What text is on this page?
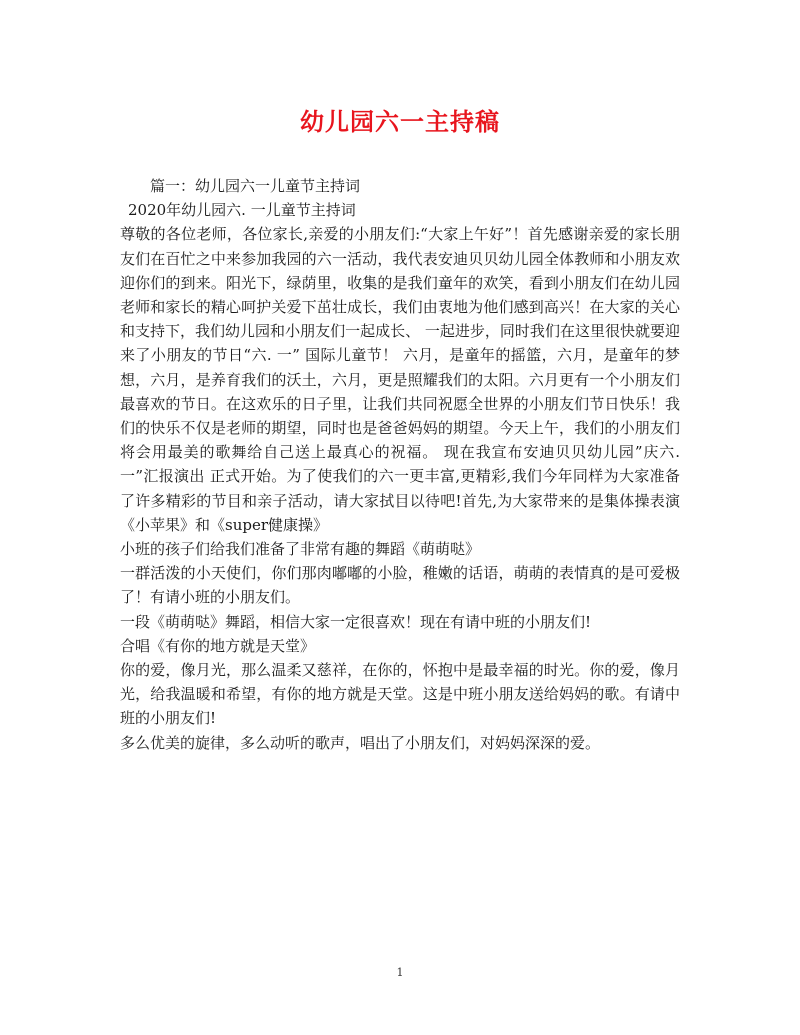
幼儿园六一主持稿

篇一：幼儿园六一儿童节主持词

2020年幼儿园六. 一儿童节主持词

尊敬的各位老师，各位家长,亲爱的小朋友们:“大家上午好”！首先感谢亲爱的家长朋友们在百忙之中来参加我园的六一活动，我代表安迪贝贝幼儿园全体教师和小朋友欢迎你们的到来。阳光下，绿荫里，收集的是我们童年的欢笑，看到小朋友们在幼儿园老师和家长的精心呵护关爱下茁壮成长，我们由衷地为他们感到高兴！在大家的关心和支持下，我们幼儿园和小朋友们一起成长、 一起进步，同时我们在这里很快就要迎来了小朋友的节日“六. 一” 国际儿童节！ 六月，是童年的摇篮，六月，是童年的梦想，六月，是养育我们的沃土，六月，更是照耀我们的太阳。六月更有一个小朋友们最喜欢的节日。在这欢乐的日子里，让我们共同祝愿全世界的小朋友们节日快乐！我们的快乐不仅是老师的期望，同时也是爸爸妈妈的期望。今天上午，我们的小朋友们将会用最美的歌舞给自己送上最真心的祝福。 现在我宣布安迪贝贝幼儿园”庆六. 一”汇报演出 正式开始。为了使我们的六一更丰富,更精彩,我们今年同样为大家准备了许多精彩的节目和亲子活动，请大家拭目以待吧!首先,为大家带来的是集体操表演《小苹果》和《super健康操》

小班的孩子们给我们准备了非常有趣的舞蹈《萌萌哒》

一群活泼的小天使们，你们那肉嘟嘟的小脸，稚嫩的话语，萌萌的表情真的是可爱极了！有请小班的小朋友们。

一段《萌萌哒》舞蹈，相信大家一定很喜欢！现在有请中班的小朋友们!

合唱《有你的地方就是天堂》

你的爱，像月光，那么温柔又慈祥，在你的，怀抱中是最幸福的时光。你的爱，像月光，给我温暖和希望，有你的地方就是天堂。这是中班小朋友送给妈妈的歌。有请中班的小朋友们!

多么优美的旋律，多么动听的歌声，唱出了小朋友们，对妈妈深深的爱。

1
